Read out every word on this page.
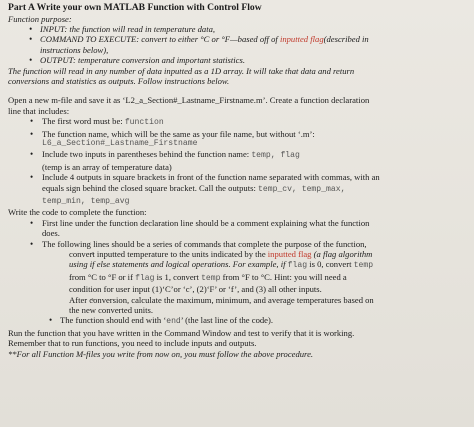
Part A Write your own MATLAB Function with Control Flow
Function purpose:
• INPUT: the function will read in temperature data,
• COMMAND TO EXECUTE: convert to either °C or °F—based off of inputted flag(described in
instructions below),
• OUTPUT: temperature conversion and important statistics.
The function will read in any number of data inputted as a 1D array. It will take that data and return
conversions and statistics as outputs. Follow instructions below.
Open a new m-file and save it as ‘L2_a_Section#_Lastname_Firstname.m’. Create a function declaration
line that includes:
• The first word must be: function
• The function name, which will be the same as your file name, but without ‘.m’:
L6_a_Section#_Lastname_Firstname
• Include two inputs in parentheses behind the function name: temp, flag
(temp is an array of temperature data)
• Include 4 outputs in square brackets in front of the function name separated with commas, with an
equals sign behind the closed square bracket. Call the outputs: temp_cv, temp_max,
temp_min, temp_avg
Write the code to complete the function:
• First line under the function declaration line should be a comment explaining what the function
does.
• The following lines should be a series of commands that complete the purpose of the function,
◦ convert inputted temperature to the units indicated by the inputted flag (a flag algorithm
using if else statements and logical operations. For example, if flag is 0, convert temp
from °C to °F or if flag is 1, convert temp from °F to °C. Hint: you will need a
condition for user input (1)‘C’or ‘c’, (2)‘F’ or ‘f’, and (3) all other inputs.
◦ After conversion, calculate the maximum, minimum, and average temperatures based on
the new converted units.
• The function should end with ‘end’ (the last line of the code).
Run the function that you have written in the Command Window and test to verify that it is working.
Remember that to run functions, you need to include inputs and outputs.
**For all Function M-files you write from now on, you must follow the above procedure.
